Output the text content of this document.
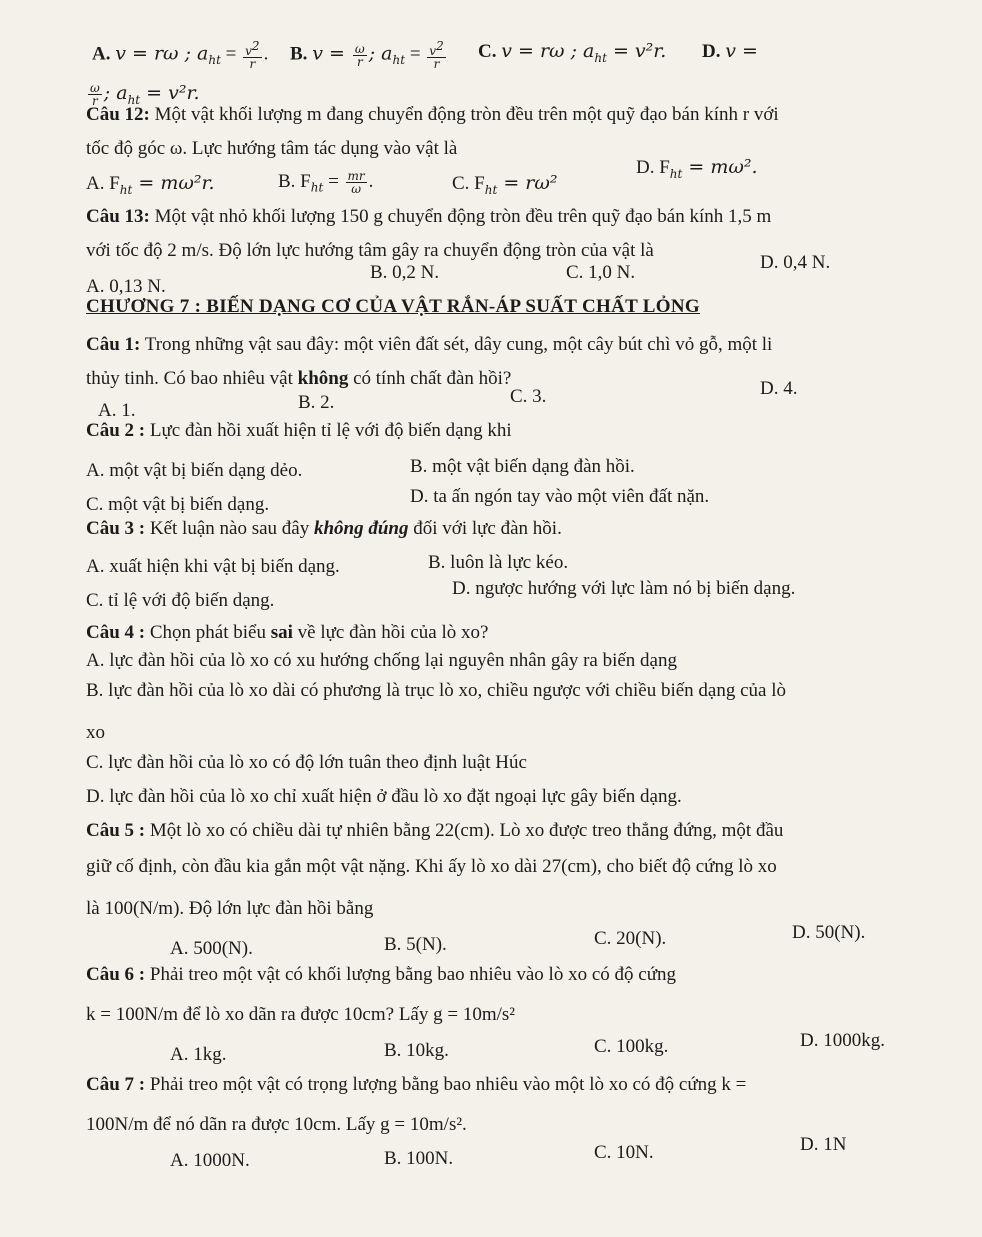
A. v = rω ; $a_{ht} = \frac{v^2}{r}$ . B. $v = \frac{\omega}{r}$ ; $a_{ht} = \frac{v^2}{r} C$. v = rω ; $a_{ht} = v^2r$. D. v =
$\frac{\omega}{r}$ ; $a_{ht} = v^2r$.
Câu 12: Một vật khối lượng m đang chuyển động tròn đều trên một quỹ đạo bán kính r với
tốc độ góc ω. Lực hướng tâm tác dụng vào vật là
A. $F_{ht} = m\omega^2r$.	B. $F_{ht} = \frac{mr}{\omega}$ .	C. $F_{ht} = r\omega^2$
D. $F_{ht} = m\omega^2$.
Câu 13: Một vật nhỏ khối lượng 150 g chuyển động tròn đều trên quỹ đạo bán kính 1,5 m
với tốc độ 2 m/s. Độ lớn lực hướng tâm gây ra chuyển động tròn của vật là
A. 0,13 N.
B. 0,2 N.	C. 1,0 N.	D. 0,4 N.
CHƯƠNG 7 : BIẾN DẠNG CƠ CỦA VẬT RẮN-ÁP SUẤT CHẤT LỎNG
Câu 1: Trong những vật sau đây: một viên đất sét, dây cung, một cây bút chì vỏ gỗ, một li
thủy tinh. Có bao nhiêu vật không có tính chất đàn hồi?
A. 1.	B. 2.	C. 3.	D. 4.
Câu 2 : Lực đàn hồi xuất hiện tỉ lệ với độ biến dạng khi
A. một vật bị biến dạng dẻo.	B. một vật biến dạng đàn hồi.
C. một vật bị biến dạng.	D. ta ấn ngón tay vào một viên đất nặn.
Câu 3 : Kết luận nào sau đây không đúng đối với lực đàn hồi.
A. xuất hiện khi vật bị biến dạng.	B. luôn là lực kéo.
C. tỉ lệ với độ biến dạng.
D. ngược hướng với lực làm nó bị biến dạng.
Câu 4 : Chọn phát biểu sai về lực đàn hồi của lò xo?
A. lực đàn hồi của lò xo có xu hướng chống lại nguyên nhân gây ra biến dạng
B. lực đàn hồi của lò xo dài có phương là trục lò xo, chiều ngược với chiều biến dạng của lò
xo
C. lực đàn hồi của lò xo có độ lớn tuân theo định luật Húc
D. lực đàn hồi của lò xo chỉ xuất hiện ở đầu lò xo đặt ngoại lực gây biến dạng.
Câu 5 : Một lò xo có chiều dài tự nhiên bằng 22(cm). Lò xo được treo thẳng đứng, một đầu
giữ cố định, còn đầu kia gắn một vật nặng. Khi ấy lò xo dài 27(cm), cho biết độ cứng lò xo
là 100(N/m). Độ lớn lực đàn hồi bằng
A. 500(N).	B. 5(N).	C. 20(N).	D. 50(N).
Câu 6 : Phải treo một vật có khối lượng bằng bao nhiêu vào lò xo có độ cứng
k = 100N/m để lò xo dãn ra được 10cm? Lấy g = 10m/s²
A. 1kg.	B. 10kg.	C. 100kg.	D. 1000kg.
Câu 7 : Phải treo một vật có trọng lượng bằng bao nhiêu vào một lò xo có độ cứng k =
100N/m để nó dãn ra được 10cm. Lấy g = 10m/s².
A. 1000N.	B. 100N.	C. 10N.	D. 1N
